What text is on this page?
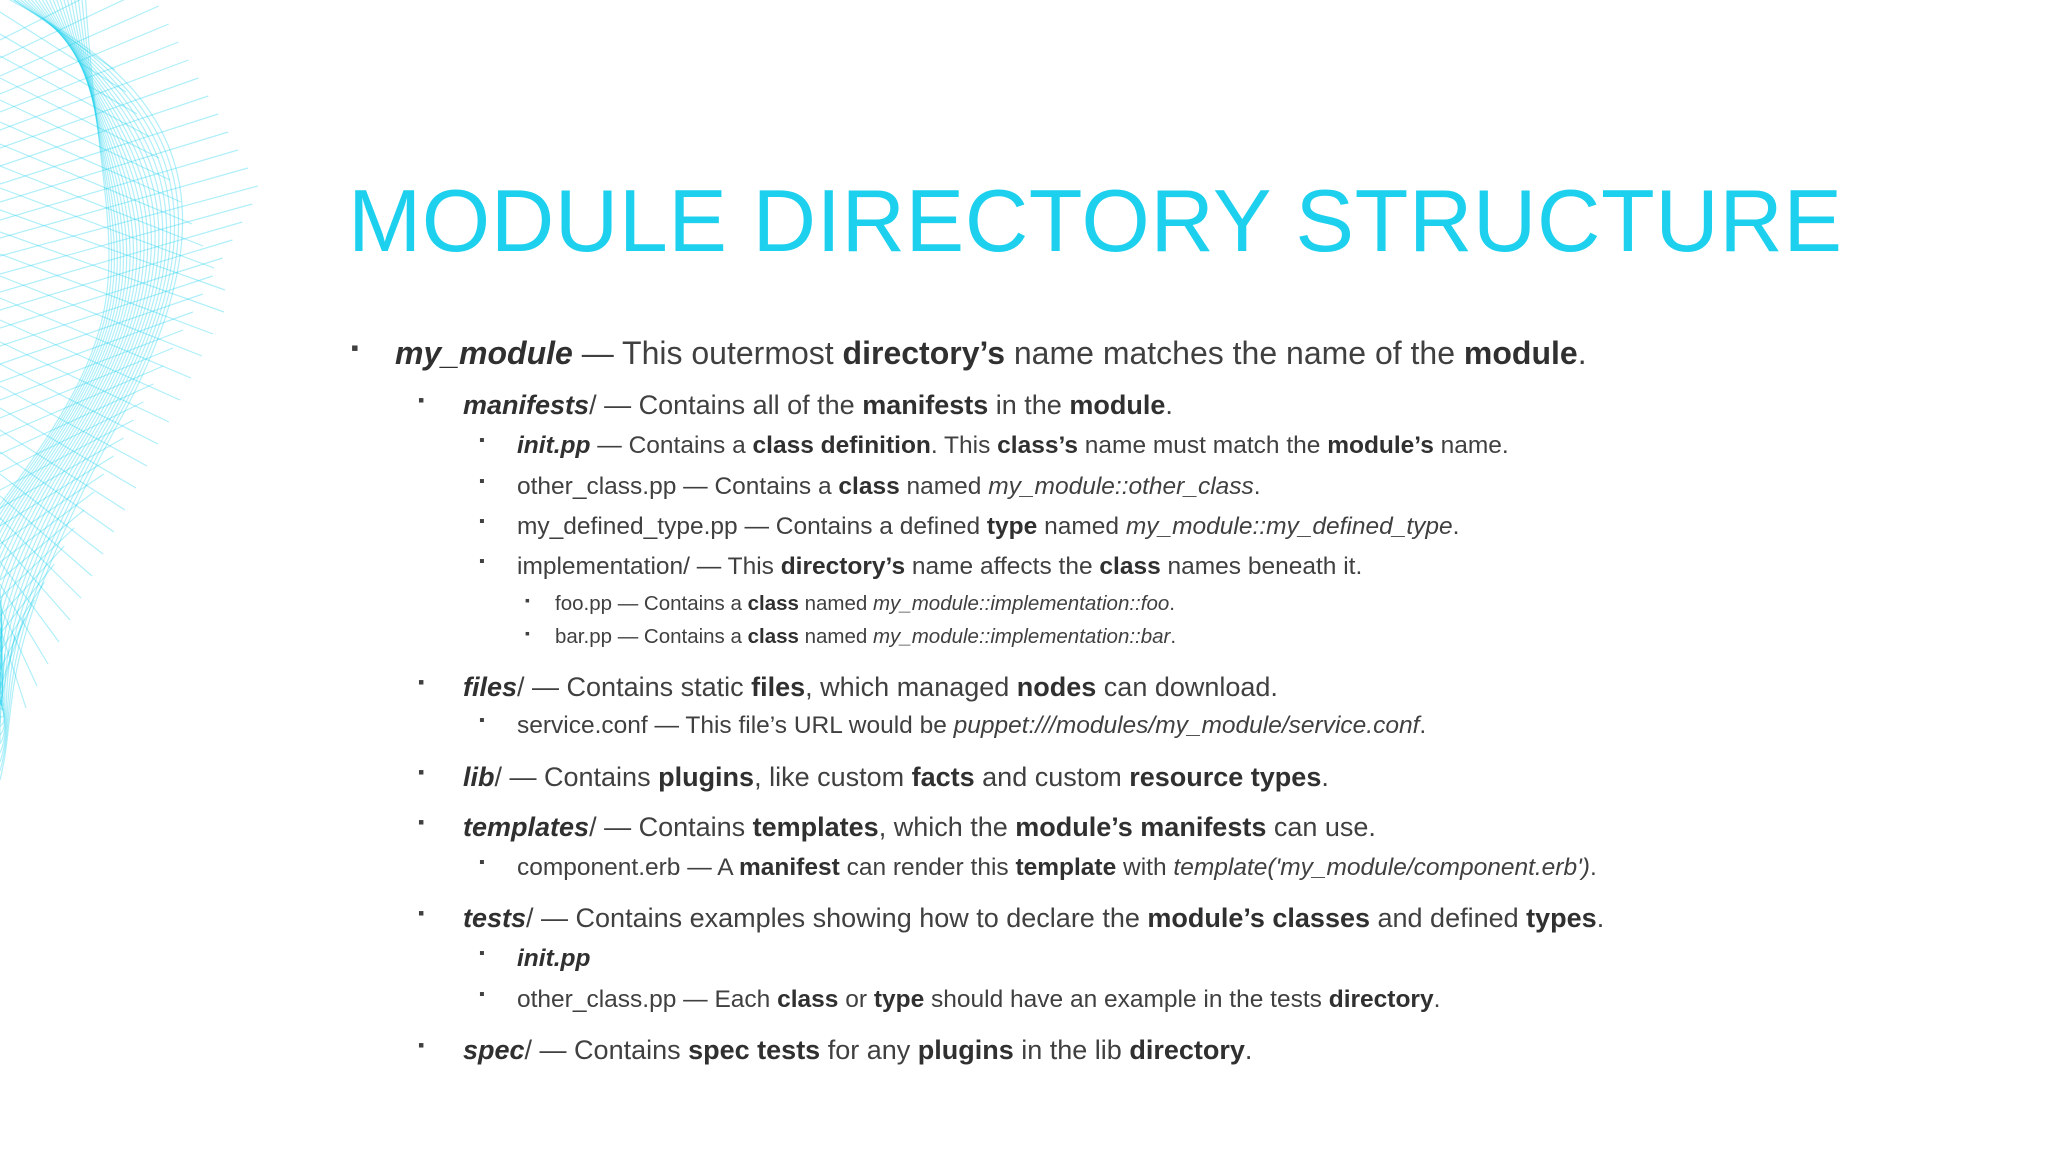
MODULE DIRECTORY STRUCTURE
▪ my_module — This outermost directory’s name matches the name of the module.
▪ manifests/ — Contains all of the manifests in the module.
▪ init.pp — Contains a class definition. This class’s name must match the module’s name.
▪ other_class.pp — Contains a class named my_module::other_class.
▪ my_defined_type.pp — Contains a defined type named my_module::my_defined_type.
▪ implementation/ — This directory’s name affects the class names beneath it.
▪ foo.pp — Contains a class named my_module::implementation::foo.
▪ bar.pp — Contains a class named my_module::implementation::bar.
▪ files/ — Contains static files, which managed nodes can download.
▪ service.conf — This file’s URL would be puppet:///modules/my_module/service.conf.
▪ lib/ — Contains plugins, like custom facts and custom resource types.
▪ templates/ — Contains templates, which the module’s manifests can use.
▪ component.erb — A manifest can render this template with template('my_module/component.erb').
▪ tests/ — Contains examples showing how to declare the module’s classes and defined types.
▪ init.pp
▪ other_class.pp — Each class or type should have an example in the tests directory.
▪ spec/ — Contains spec tests for any plugins in the lib directory.
